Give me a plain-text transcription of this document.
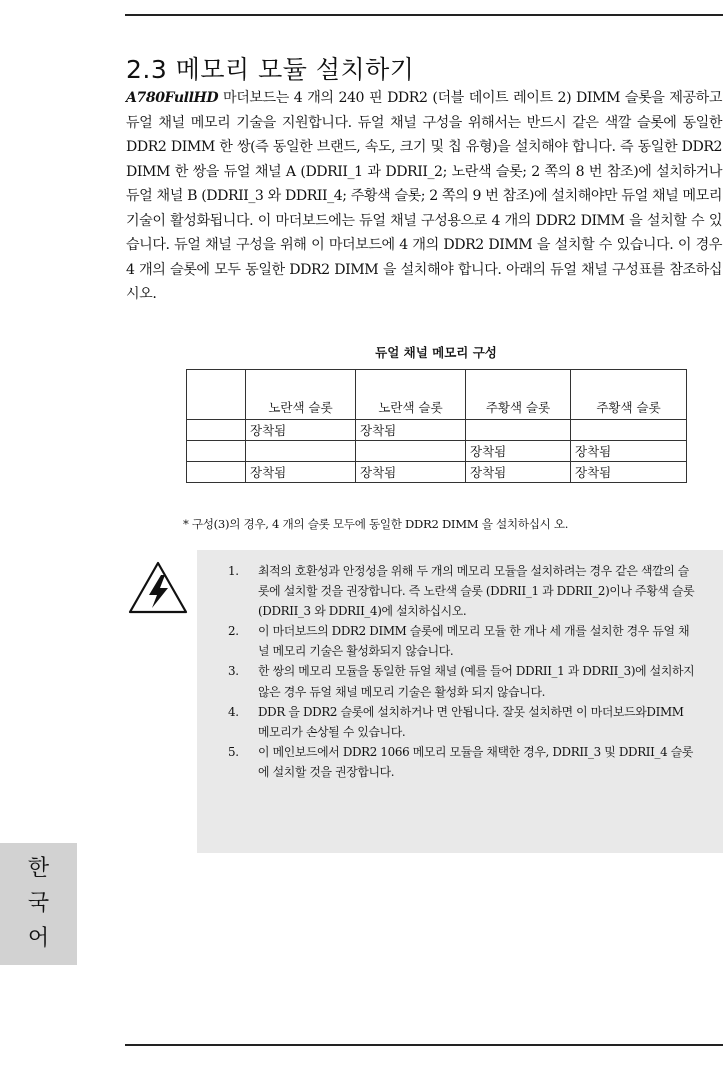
2.3 메모리 모듈 설치하기

A780FullHD 마더보드는 4 개의 240 핀 DDR2 (더블 데이트 레이트 2) DIMM 슬롯을 제공하고 듀얼 채널 메모리 기술을 지원합니다. 듀얼 채널 구성을 위해서는 반드시 같은 색깔 슬롯에 동일한 DDR2 DIMM 한 쌍(즉 동일한 브랜드, 속도, 크기 및 칩 유형)을 설치해야 합니다. 즉 동일한 DDR2 DIMM 한 쌍을 듀얼 채널 A (DDRII_1 과 DDRII_2; 노란색 슬롯; 2 쪽의 8 번 참조)에 설치하거나 듀얼 채널 B (DDRII_3 와 DDRII_4; 주황색 슬롯; 2 쪽의 9 번 참조)에 설치해야만 듀얼 채널 메모리 기술이 활성화됩니다. 이 마더보드에는 듀얼 채널 구성용으로 4 개의 DDR2 DIMM 을 설치할 수 있습니다. 듀얼 채널 구성을 위해 이 마더보드에 4 개의 DDR2 DIMM 을 설치할 수 있습니다. 이 경우 4 개의 슬롯에 모두 동일한 DDR2 DIMM 을 설치해야 합니다. 아래의 듀얼 채널 구성표를 참조하십시오.

듀얼 채널 메모리 구성
	노란색 슬롯	노란색 슬롯	주황색 슬롯	주황색 슬롯
	장착됨	장착됨		
			장착됨	장착됨
	장착됨	장착됨	장착됨	장착됨
* 구성(3)의 경우, 4 개의 슬롯 모두에 동일한 DDR2 DIMM 을 설치하십시 오.
1. 최적의 호환성과 안정성을 위해 두 개의 메모리 모듈을 설치하려는 경우 같은 색깔의 슬롯에 설치할 것을 권장합니다. 즉 노란색 슬롯 (DDRII_1 과 DDRII_2)이나 주황색 슬롯(DDRII_3 와 DDRII_4)에 설치하십시오.
2. 이 마더보드의 DDR2 DIMM 슬롯에 메모리 모듈 한 개나 세 개를 설치한 경우 듀얼 채널 메모리 기술은 활성화되지 않습니다.
3. 한 쌍의 메모리 모듈을 동일한 듀얼 채널 (예를 들어 DDRII_1 과 DDRII_3)에 설치하지 않은 경우 듀얼 채널 메모리 기술은 활성화 되지 않습니다.
4. DDR 을 DDR2 슬롯에 설치하거나 면 안됩니다. 잘못 설치하면 이 마더보드와DIMM 메모리가 손상될 수 있습니다.
5. 이 메인보드에서 DDR2 1066 메모리 모듈을 채택한 경우, DDRII_3 및 DDRII_4 슬롯에 설치할 것을 권장합니다.
한
국
어
